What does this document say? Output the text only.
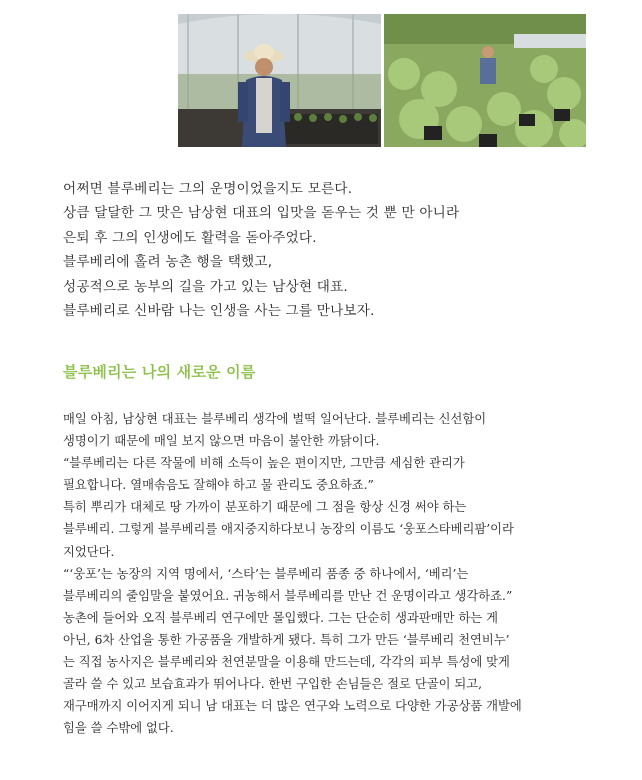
어쩌면 블루베리는 그의 운명이었을지도 모른다.
상큼 달달한 그 맛은 남상현 대표의 입맛을 돋우는 것 뿐 만 아니라
은퇴 후 그의 인생에도 활력을 돋아주었다.
블루베리에 홀려 농촌 행을 택했고,
성공적으로 농부의 길을 가고 있는 남상현 대표.
블루베리로 신바람 나는 인생을 사는 그를 만나보자.
블루베리는 나의 새로운 이름
매일 아침, 남상현 대표는 블루베리 생각에 벌떡 일어난다. 블루베리는 신선함이
생명이기 때문에 매일 보지 않으면 마음이 불안한 까닭이다.
“블루베리는 다른 작물에 비해 소득이 높은 편이지만, 그만큼 세심한 관리가
필요합니다. 열매솎음도 잘해야 하고 물 관리도 중요하죠.”
특히 뿌리가 대체로 땅 가까이 분포하기 때문에 그 점을 항상 신경 써야 하는
블루베리. 그렇게 블루베리를 애지중지하다보니 농장의 이름도 ‘웅포스타베리팜’이라
지었단다.
“‘웅포’는 농장의 지역 명에서, ‘스타’는 블루베리 품종 중 하나에서, ‘베리’는
블루베리의 줄임말을 붙였어요. 귀농해서 블루베리를 만난 건 운명이라고 생각하죠.”
농촌에 들어와 오직 블루베리 연구에만 몰입했다. 그는 단순히 생과판매만 하는 게
아닌, 6차 산업을 통한 가공품을 개발하게 됐다. 특히 그가 만든 ‘블루베리 천연비누’
는 직접 농사지은 블루베리와 천연분말을 이용해 만드는데, 각각의 피부 특성에 맞게
골라 쓸 수 있고 보습효과가 뛰어나다. 한번 구입한 손님들은 절로 단골이 되고,
재구매까지 이어지게 되니 남 대표는 더 많은 연구와 노력으로 다양한 가공상품 개발에
힘을 쓸 수밖에 없다.
